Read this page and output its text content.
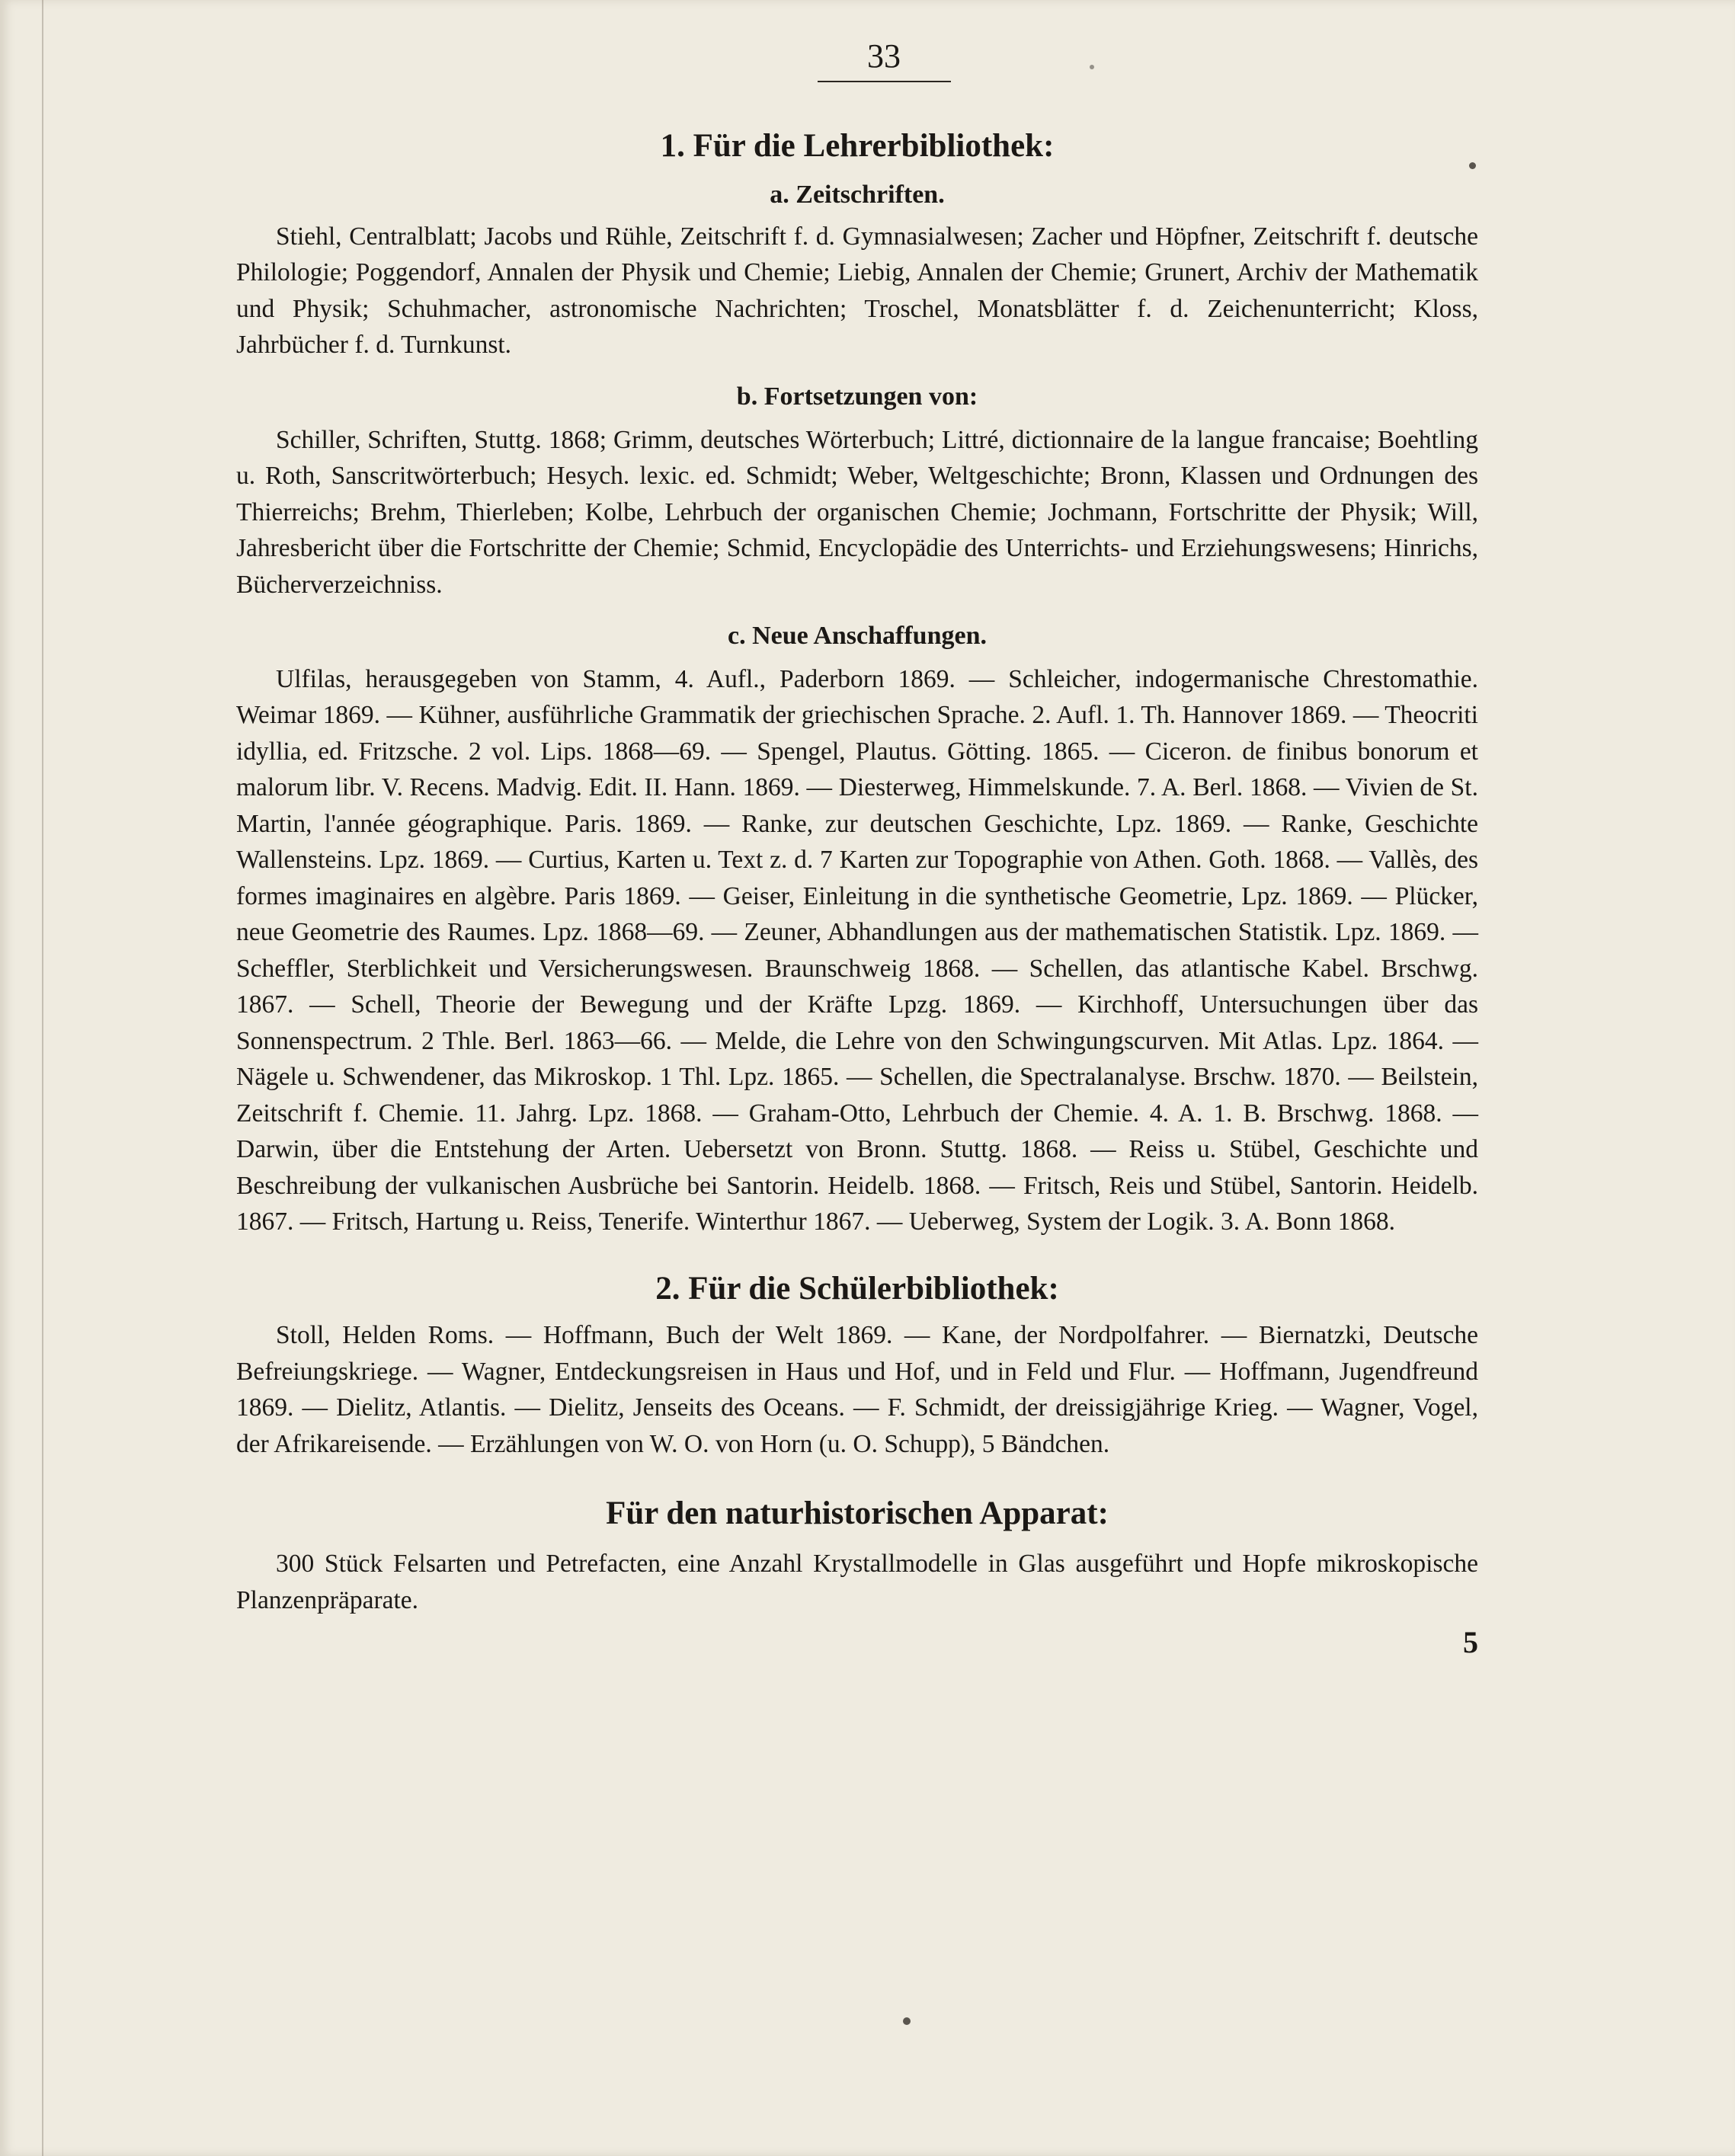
33

1. Für die Lehrerbibliothek:
a. Zeitschriften.

Stiehl, Centralblatt; Jacobs und Rühle, Zeitschrift f. d. Gymnasialwesen; Zacher und Höpfner, Zeitschrift f. deutsche Philologie; Poggendorf, Annalen der Physik und Chemie; Liebig, Annalen der Chemie; Grunert, Archiv der Mathematik und Physik; Schuhmacher, astronomische Nachrichten; Troschel, Monatsblätter f. d. Zeichenunterricht; Kloss, Jahrbücher f. d. Turnkunst.

b. Fortsetzungen von:

Schiller, Schriften, Stuttg. 1868; Grimm, deutsches Wörterbuch; Littré, dictionnaire de la langue francaise; Boehtling u. Roth, Sanscritwörterbuch; Hesych. lexic. ed. Schmidt; Weber, Weltgeschichte; Bronn, Klassen und Ordnungen des Thierreichs; Brehm, Thierleben; Kolbe, Lehrbuch der organischen Chemie; Jochmann, Fortschritte der Physik; Will, Jahresbericht über die Fortschritte der Chemie; Schmid, Encyclopädie des Unterrichts- und Erziehungswesens; Hinrichs, Bücherverzeichniss.

c. Neue Anschaffungen.

Ulfilas, herausgegeben von Stamm, 4. Aufl., Paderborn 1869. — Schleicher, indogermanische Chrestomathie. Weimar 1869. — Kühner, ausführliche Grammatik der griechischen Sprache. 2. Aufl. 1. Th. Hannover 1869. — Theocriti idyllia, ed. Fritzsche. 2 vol. Lips. 1868—69. — Spengel, Plautus. Götting. 1865. — Ciceron. de finibus bonorum et malorum libr. V. Recens. Madvig. Edit. II. Hann. 1869. — Diesterweg, Himmelskunde. 7. A. Berl. 1868. — Vivien de St. Martin, l'année géographique. Paris. 1869. — Ranke, zur deutschen Geschichte, Lpz. 1869. — Ranke, Geschichte Wallensteins. Lpz. 1869. — Curtius, Karten u. Text z. d. 7 Karten zur Topographie von Athen. Goth. 1868. — Vallès, des formes imaginaires en algèbre. Paris 1869. — Geiser, Einleitung in die synthetische Geometrie, Lpz. 1869. — Plücker, neue Geometrie des Raumes. Lpz. 1868—69. — Zeuner, Abhandlungen aus der mathematischen Statistik. Lpz. 1869. — Scheffler, Sterblichkeit und Versicherungswesen. Braunschweig 1868. — Schellen, das atlantische Kabel. Brschwg. 1867. — Schell, Theorie der Bewegung und der Kräfte Lpzg. 1869. — Kirchhoff, Untersuchungen über das Sonnenspectrum. 2 Thle. Berl. 1863—66. — Melde, die Lehre von den Schwingungscurven. Mit Atlas. Lpz. 1864. — Nägele u. Schwendener, das Mikroskop. 1 Thl. Lpz. 1865. — Schellen, die Spectralanalyse. Brschw. 1870. — Beilstein, Zeitschrift f. Chemie. 11. Jahrg. Lpz. 1868. — Graham-Otto, Lehrbuch der Chemie. 4. A. 1. B. Brschwg. 1868. — Darwin, über die Entstehung der Arten. Uebersetzt von Bronn. Stuttg. 1868. — Reiss u. Stübel, Geschichte und Beschreibung der vulkanischen Ausbrüche bei Santorin. Heidelb. 1868. — Fritsch, Reis und Stübel, Santorin. Heidelb. 1867. — Fritsch, Hartung u. Reiss, Tenerife. Winterthur 1867. — Ueberweg, System der Logik. 3. A. Bonn 1868.

2. Für die Schülerbibliothek:

Stoll, Helden Roms. — Hoffmann, Buch der Welt 1869. — Kane, der Nordpolfahrer. — Biernatzki, Deutsche Befreiungskriege. — Wagner, Entdeckungsreisen in Haus und Hof, und in Feld und Flur. — Hoffmann, Jugendfreund 1869. — Dielitz, Atlantis. — Dielitz, Jenseits des Oceans. — F. Schmidt, der dreissigjährige Krieg. — Wagner, Vogel, der Afrikareisende. — Erzählungen von W. O. von Horn (u. O. Schupp), 5 Bändchen.

Für den naturhistorischen Apparat:

300 Stück Felsarten und Petrefacten, eine Anzahl Krystallmodelle in Glas ausgeführt und Hopfe mikroskopische Planzenpräparate.

5
